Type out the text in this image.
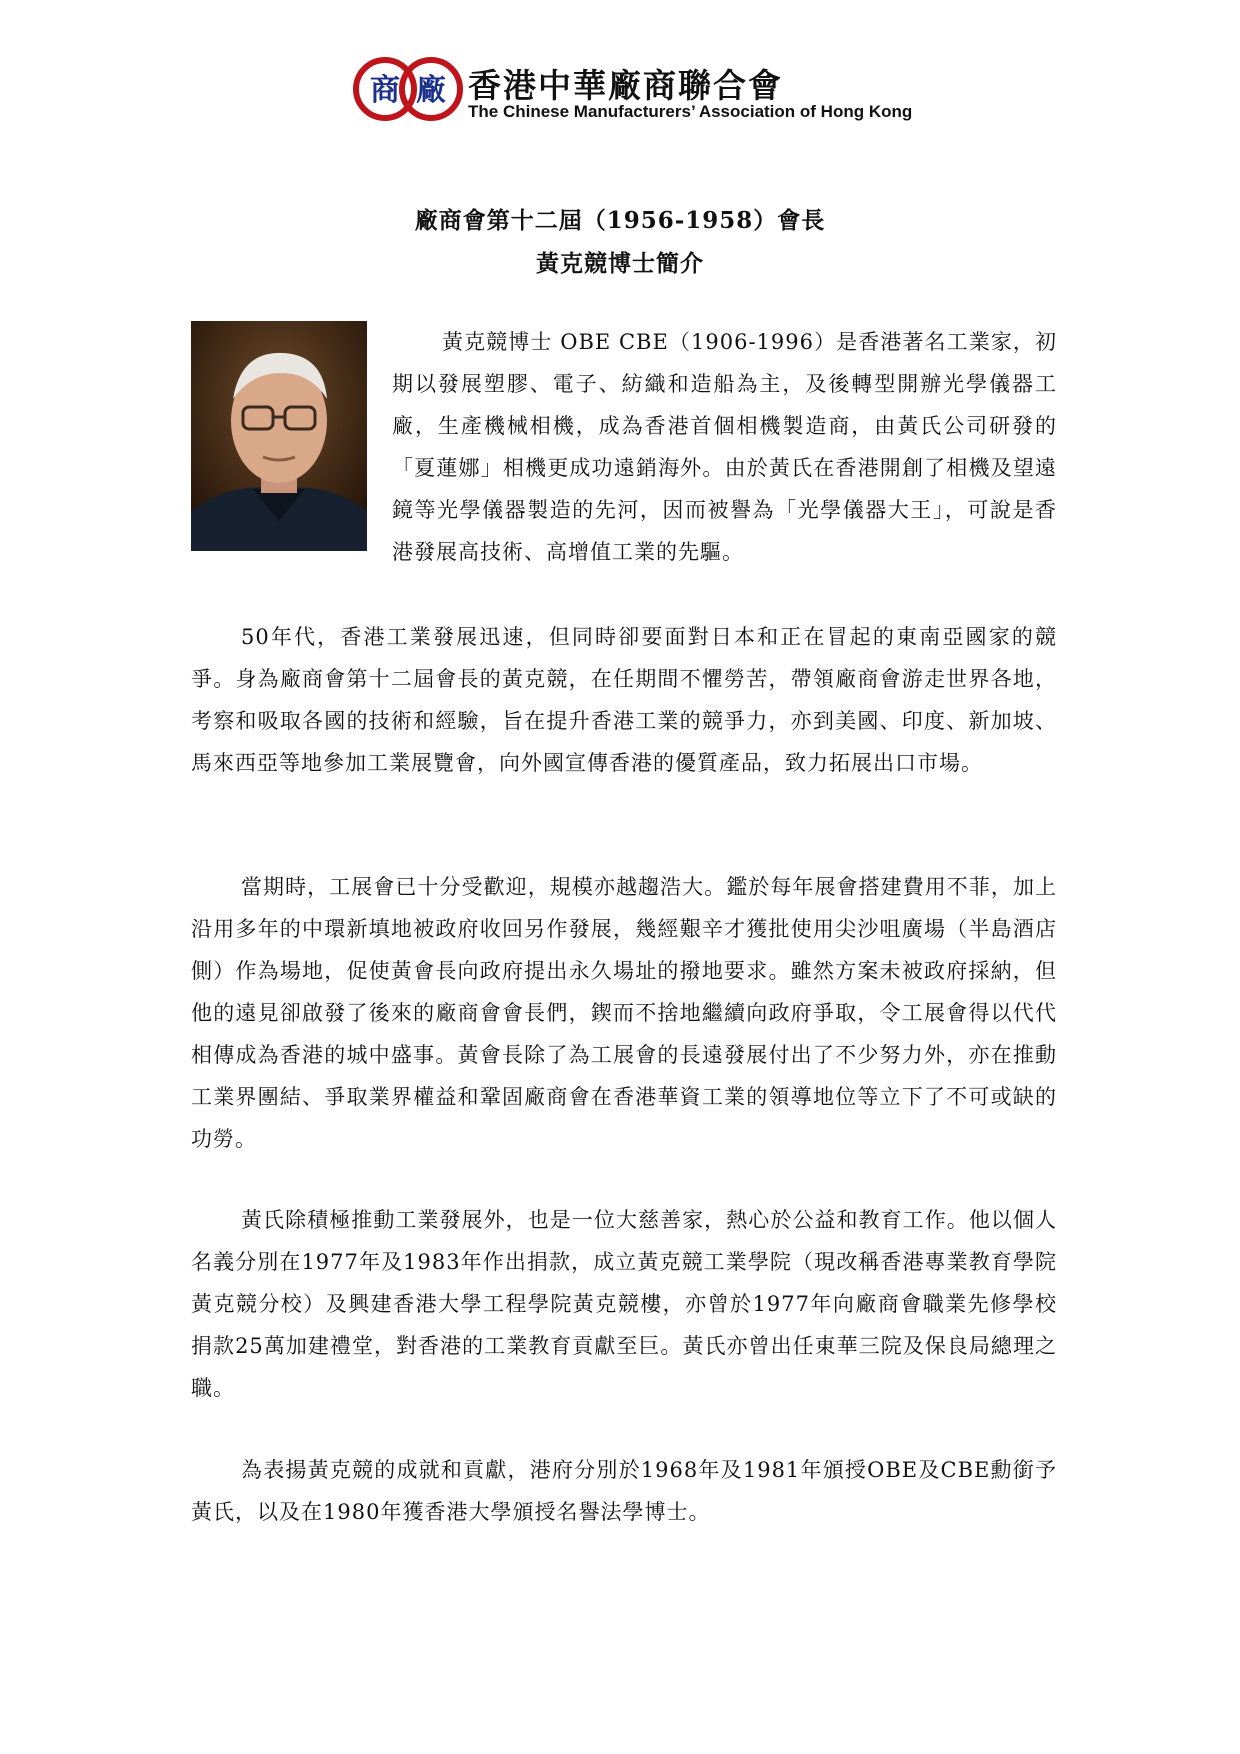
商 廠 香港中華廠商聯合會
The Chinese Manufacturers’ Association of Hong Kong
廠商會第十二屆（1956-1958）會長
黃克競博士簡介

黃克競博士 OBE CBE（1906-1996）是香港著名工業家，初期以發展塑膠、電子、紡織和造船為主，及後轉型開辦光學儀器工廠，生產機械相機，成為香港首個相機製造商，由黃氏公司研發的「夏蓮娜」相機更成功遠銷海外。由於黃氏在香港開創了相機及望遠鏡等光學儀器製造的先河，因而被譽為「光學儀器大王」，可說是香港發展高技術、高增值工業的先驅。

50年代，香港工業發展迅速，但同時卻要面對日本和正在冒起的東南亞國家的競爭。身為廠商會第十二屆會長的黃克競，在任期間不懼勞苦，帶領廠商會游走世界各地，考察和吸取各國的技術和經驗，旨在提升香港工業的競爭力，亦到美國、印度、新加坡、馬來西亞等地參加工業展覽會，向外國宣傳香港的優質產品，致力拓展出口市場。

當期時，工展會已十分受歡迎，規模亦越趨浩大。鑑於每年展會搭建費用不菲，加上沿用多年的中環新填地被政府收回另作發展，幾經艱辛才獲批使用尖沙咀廣場（半島酒店側）作為場地，促使黃會長向政府提出永久場址的撥地要求。雖然方案未被政府採納，但他的遠見卻啟發了後來的廠商會會長們，鍥而不捨地繼續向政府爭取，令工展會得以代代相傳成為香港的城中盛事。黃會長除了為工展會的長遠發展付出了不少努力外，亦在推動工業界團結、爭取業界權益和鞏固廠商會在香港華資工業的領導地位等立下了不可或缺的功勞。

黃氏除積極推動工業發展外，也是一位大慈善家，熱心於公益和教育工作。他以個人名義分別在1977年及1983年作出捐款，成立黃克競工業學院（現改稱香港專業教育學院黃克競分校）及興建香港大學工程學院黃克競樓，亦曾於1977年向廠商會職業先修學校捐款25萬加建禮堂，對香港的工業教育貢獻至巨。黃氏亦曾出任東華三院及保良局總理之職。

為表揚黃克競的成就和貢獻，港府分別於1968年及1981年頒授OBE及CBE勳銜予黃氏，以及在1980年獲香港大學頒授名譽法學博士。
